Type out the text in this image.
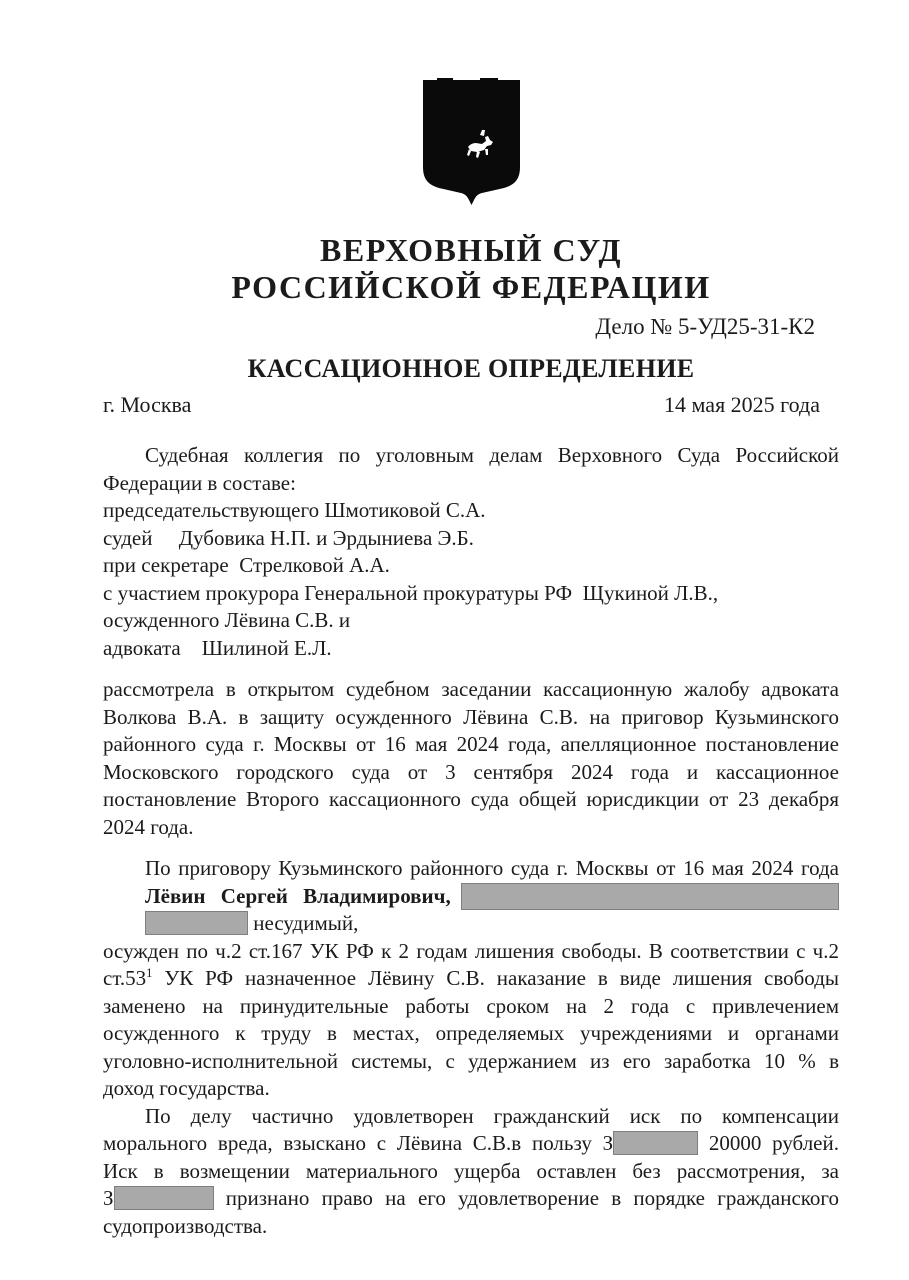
ВЕРХОВНЫЙ СУД
РОССИЙСКОЙ ФЕДЕРАЦИИ
Дело № 5-УД25-31-К2
КАССАЦИОННОЕ ОПРЕДЕЛЕНИЕ
г. Москва	14 мая 2025 года
Судебная коллегия по уголовным делам Верховного Суда Российской
Федерации в составе:
председательствующего Шмотиковой С.А.
судей     Дубовика Н.П. и Эрдыниева Э.Б.
при секретаре  Стрелковой А.А.
с участием прокурора Генеральной прокуратуры РФ  Щукиной Л.В.,
осужденного Лёвина С.В. и
адвоката    Шилиной Е.Л.
рассмотрела в открытом судебном заседании кассационную жалобу адвоката
Волкова В.А. в защиту осужденного Лёвина С.В. на приговор Кузьминского
районного суда г. Москвы от 16 мая 2024 года, апелляционное постановление
Московского городского суда от 3 сентября 2024 года и кассационное
постановление Второго кассационного суда общей юрисдикции от 23 декабря
2024 года.
По приговору Кузьминского районного суда г. Москвы от 16 мая 2024 года
Лёвин Сергей Владимирович,
несудимый,
осужден по ч.2 ст.167 УК РФ к 2 годам лишения свободы. В соответствии с ч.2
$ст.53^1$ УК РФ назначенное Лёвину С.В. наказание в виде лишения свободы
заменено на принудительные работы сроком на 2 года с привлечением
осужденного к труду в местах, определяемых учреждениями и органами
уголовно-исполнительной системы, с удержанием из его заработка 10 % в
доход государства.
По делу частично удовлетворен гражданский иск по компенсации
морального вреда, взыскано с Лёвина С.В.в пользу З	20000 рублей.
Иск в возмещении материального ущерба оставлен без рассмотрения, за
З	признано право на его удовлетворение в порядке гражданского
судопроизводства.
